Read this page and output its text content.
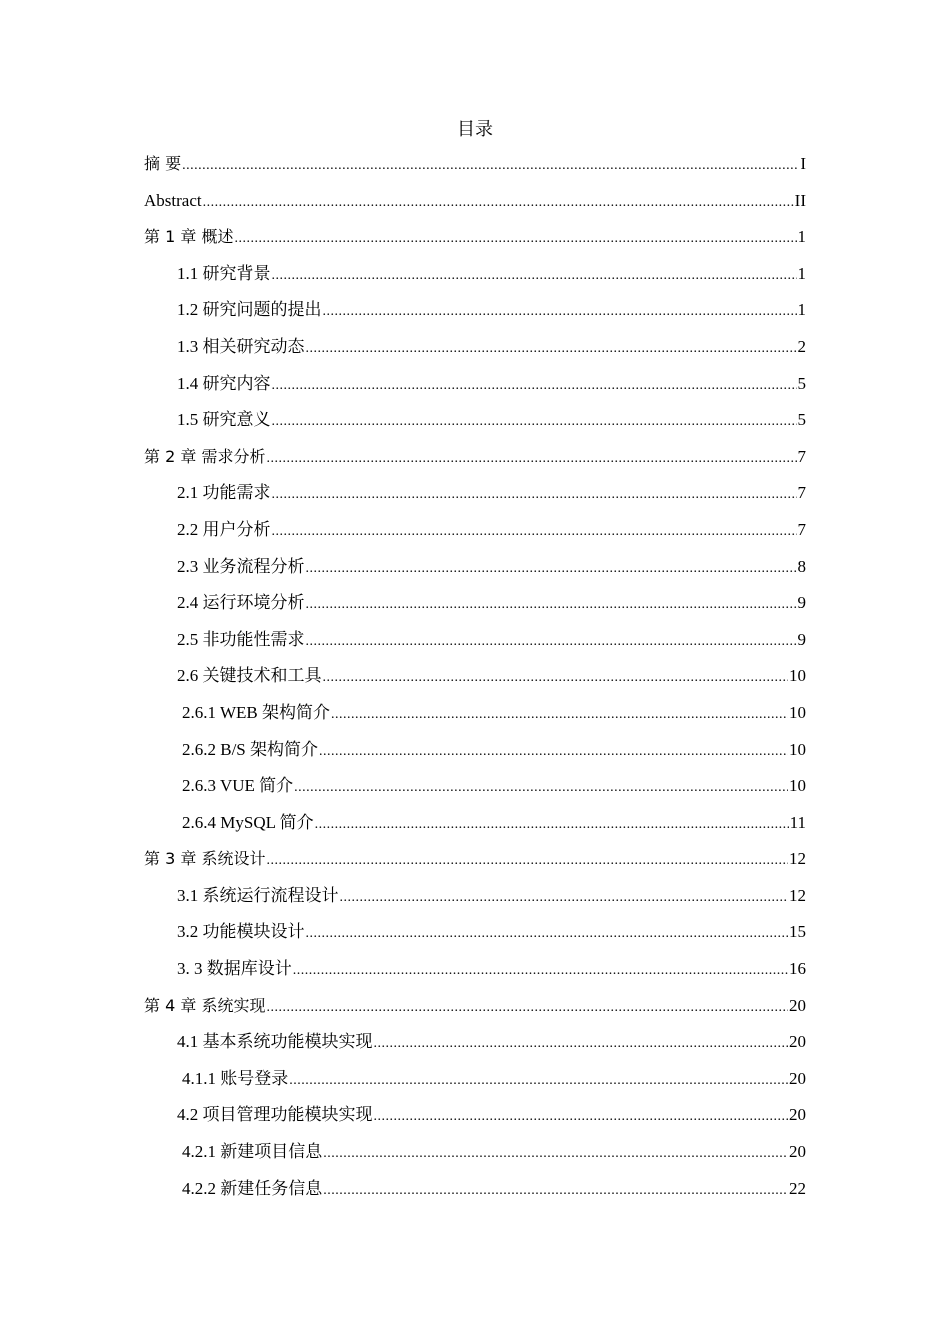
目录
摘 要 .....	I
Abstract .....	II
第 1 章 概述 .....	1
1.1 研究背景 .....	1
1.2 研究问题的提出 .....	1
1.3 相关研究动态 .....	2
1.4 研究内容 .....	5
1.5 研究意义 .....	5
第 2 章 需求分析 .....	7
2.1 功能需求 .....	7
2.2 用户分析 .....	7
2.3 业务流程分析 .....	8
2.4 运行环境分析 .....	9
2.5 非功能性需求 .....	9
2.6 关键技术和工具 .....	10
2.6.1 WEB 架构简介 .....	10
2.6.2 B/S 架构简介 .....	10
2.6.3 VUE 简介 .....	10
2.6.4 MySQL 简介 .....	11
第 3 章 系统设计 .....	12
3.1 系统运行流程设计 .....	12
3.2 功能模块设计 .....	15
3. 3 数据库设计 .....	16
第 4 章 系统实现 .....	20
4.1 基本系统功能模块实现 .....	20
4.1.1 账号登录 .....	20
4.2 项目管理功能模块实现 .....	20
4.2.1 新建项目信息 .....	20
4.2.2 新建任务信息 .....	22
